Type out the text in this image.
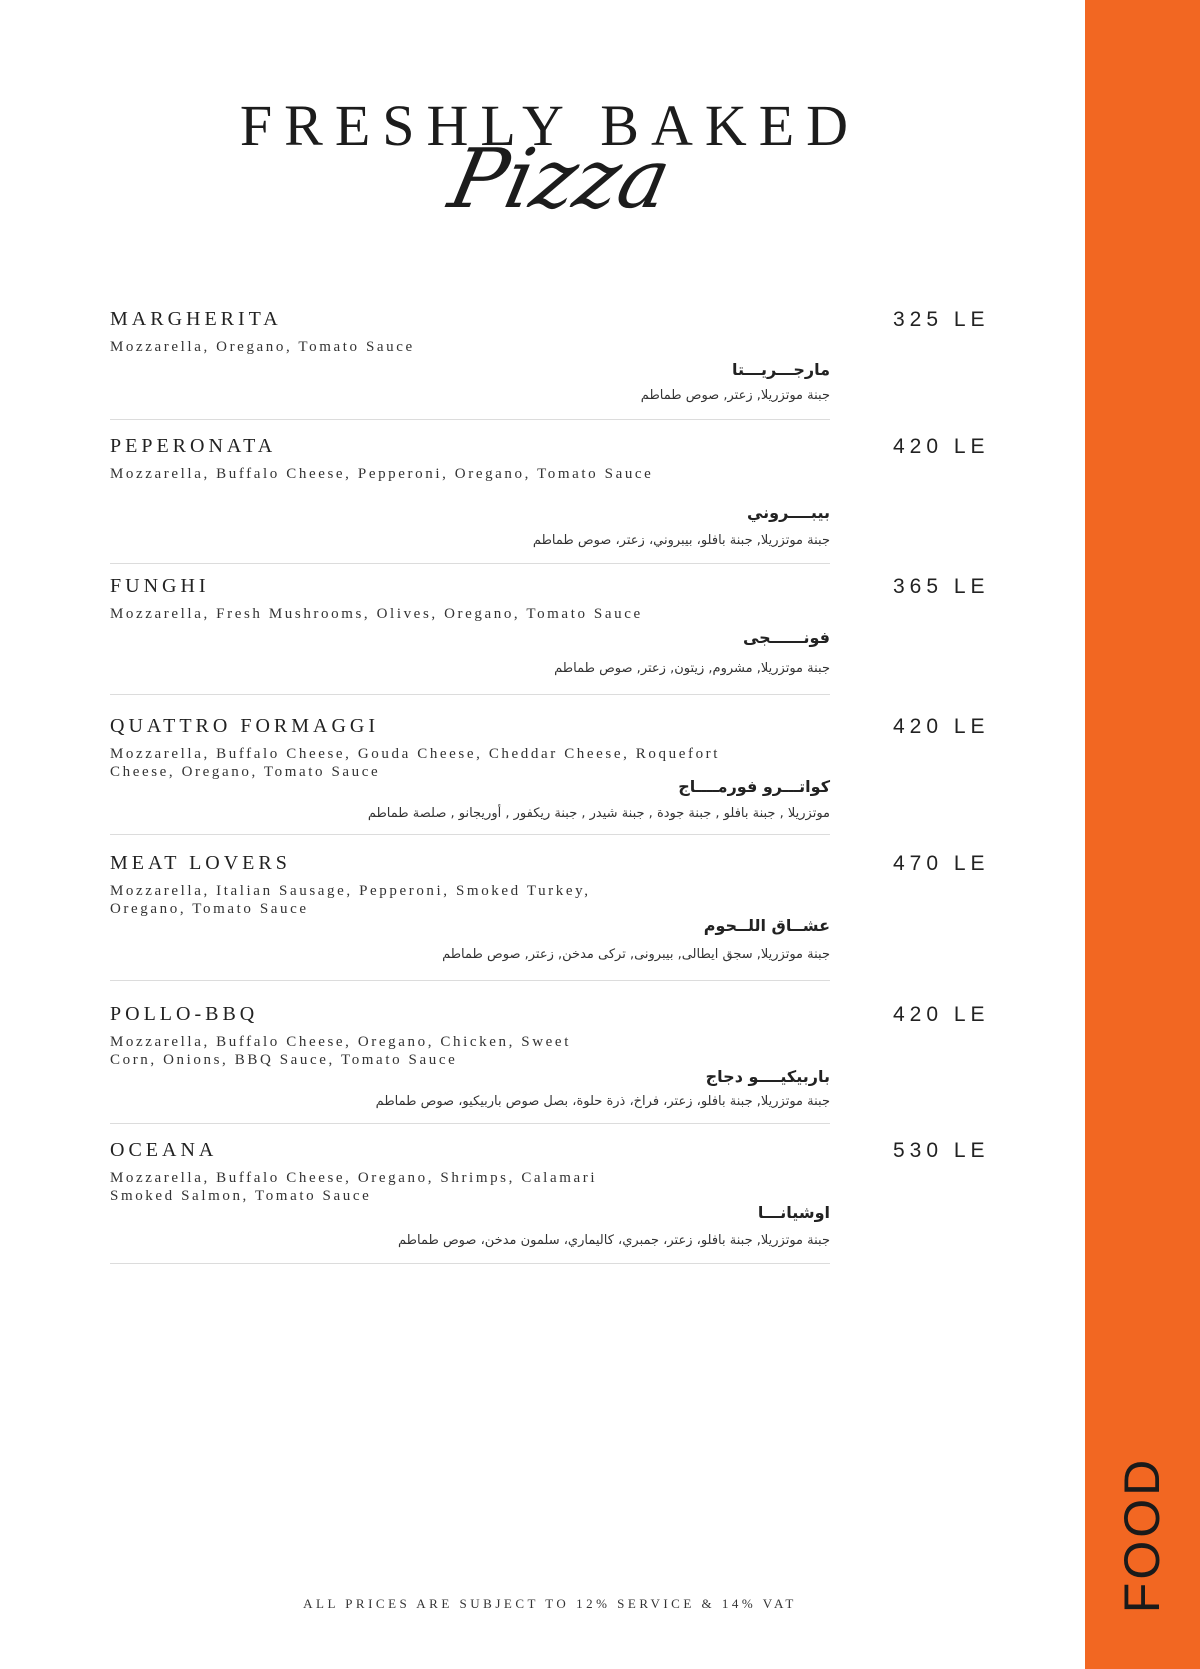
FRESHLY BAKED
Pizza
MARGHERITA	325 LE
Mozzarella, Oregano, Tomato Sauce
مارجـــريـــتا
جبنة موتزريلا, زعتر, صوص طماطم
PEPERONATA	420 LE
Mozzarella, Buffalo Cheese, Pepperoni, Oregano, Tomato Sauce
بيبــــروني
جبنة موتزريلا, جبنة بافلو، بيبروني، زعتر، صوص طماطم
FUNGHI	365 LE
Mozzarella, Fresh Mushrooms, Olives, Oregano, Tomato Sauce
فونــــــجى
جبنة موتزريلا, مشروم, زيتون, زعتر, صوص طماطم
QUATTRO FORMAGGI	420 LE
Mozzarella, Buffalo Cheese, Gouda Cheese, Cheddar Cheese, Roquefort Cheese, Oregano, Tomato Sauce
كواتـــرو فورمــــاج
موتزريلا , جبنة بافلو , جبنة جودة , جبنة شيدر , جبنة ريكفور , أوريجانو , صلصة طماطم
MEAT LOVERS	470 LE
Mozzarella, Italian Sausage, Pepperoni, Smoked Turkey, Oregano, Tomato Sauce
عشــاق اللــحوم
جبنة موتزريلا, سجق ايطالى, بيبرونى, تركى مدخن, زعتر, صوص طماطم
POLLO-BBQ	420 LE
Mozzarella, Buffalo Cheese, Oregano, Chicken, Sweet Corn, Onions, BBQ Sauce, Tomato Sauce
باربيكيــــو دجاج
جبنة موتزريلا, جبنة بافلو، زعتر، فراخ، ذرة حلوة، بصل صوص باربيكيو، صوص طماطم
OCEANA	530 LE
Mozzarella, Buffalo Cheese, Oregano, Shrimps, Calamari Smoked Salmon, Tomato Sauce
اوشيانـــا
جبنة موتزريلا, جبنة بافلو، زعتر، جمبري، كاليماري، سلمون مدخن، صوص طماطم
ALL PRICES ARE SUBJECT TO 12% SERVICE & 14% VAT	FOOD
